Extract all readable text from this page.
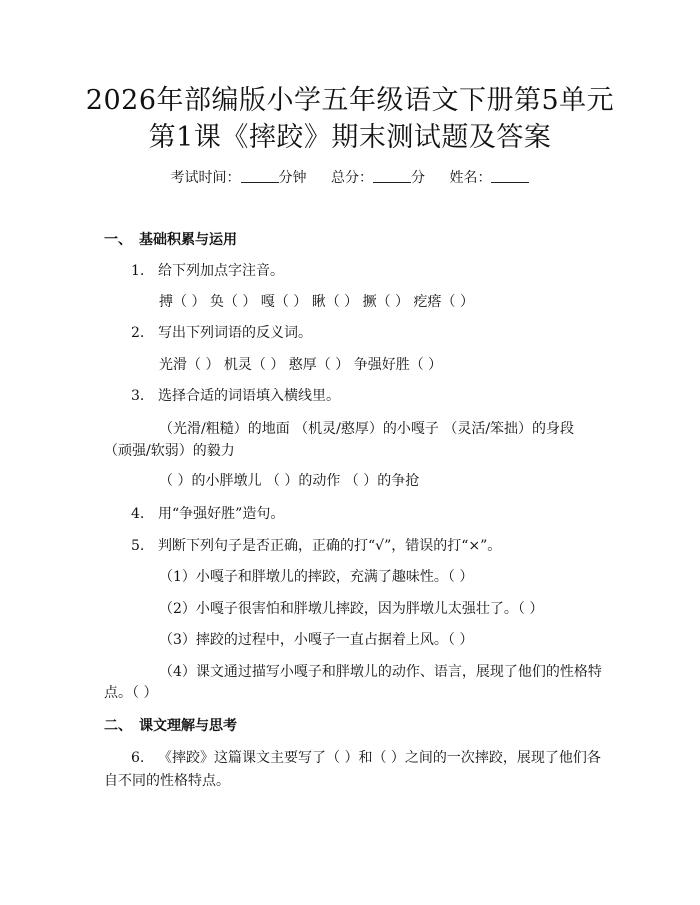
2026年部编版小学五年级语文下册第5单元
第1课《摔跤》期末测试题及答案
考试时间：	分钟 总分：	分 姓名：
一、 基础积累与运用
1. 给下列加点字注音。
搏（ ） 奂（ ） 嘎（ ） 瞅（ ） 撅（ ） 疙瘩（ ）
2. 写出下列词语的反义词。
光滑（ ） 机灵（ ） 憨厚（ ） 争强好胜（ ）
3. 选择合适的词语填入横线里。
（光滑/粗糙）的地面 （机灵/憨厚）的小嘎子 （灵活/笨拙）的身段
（顽强/软弱）的毅力
（ ）的小胖墩儿 （ ）的动作 （ ）的争抢
4. 用“争强好胜”造句。
5. 判断下列句子是否正确，正确的打“√”，错误的打“×”。
（1）小嘎子和胖墩儿的摔跤，充满了趣味性。（ ）
（2）小嘎子很害怕和胖墩儿摔跤，因为胖墩儿太强壮了。（ ）
（3）摔跤的过程中，小嘎子一直占据着上风。（ ）
（4）课文通过描写小嘎子和胖墩儿的动作、语言，展现了他们的性格特
点。（ ）
二、 课文理解与思考
6. 《摔跤》这篇课文主要写了（ ）和（ ）之间的一次摔跤，展现了他们各
自不同的性格特点。
